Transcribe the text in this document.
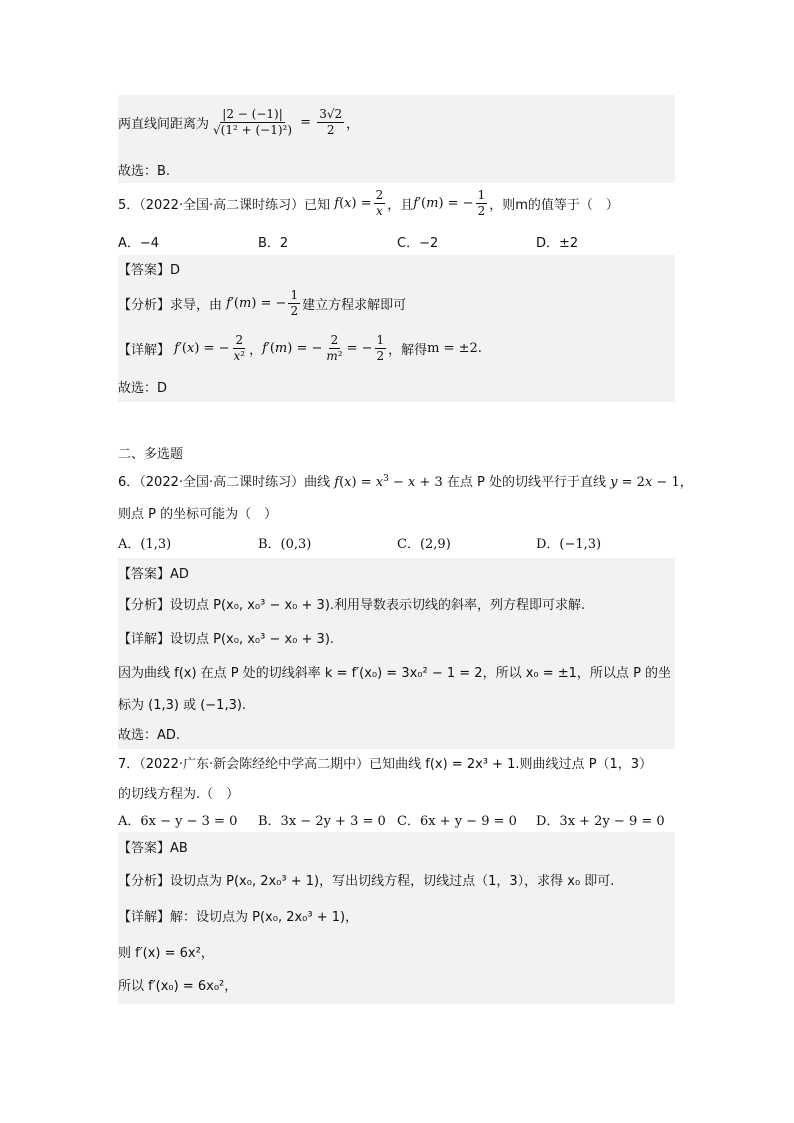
两直线间距离为 $\frac{|2 - (-1)|}{\text{√(1² + (−1)²)}} = \frac{3√2}{2}$ ，
故选：B.
5．（2022·全国·高二课时练习）已知 f ( x ) = $\frac{2}{x}$ ，且 f ′( m ) = − $\frac{1}{2}$ ，则m的值等于（　）
A．−4	B．2	C．−2	D．±2
【答案】D
【分析】求导，由 f ′( m ) = − $\frac{1}{2}$ 建立方程求解即可
【详解】 f ′( x ) = − $\frac{2}{\text{x²}}$ ， f ′( m ) = − $\frac{2}{\text{m²}}$ = − $\frac{1}{2}$ ，解得 m = ±2.
故选：D
二、多选题
6．（2022·全国·高二课时练习）曲线 $f(x) = x^3 - x + 3$ 在点 P 处的切线平行于直线 y = 2x − 1，
则点 P 的坐标可能为（　）
A．(1,3)	B．(0,3)	C．(2,9)	D．(−1,3)
【答案】AD
【分析】设切点 P(x₀, x₀³ − x₀ + 3).利用导数表示切线的斜率，列方程即可求解.
【详解】设切点 P(x₀, x₀³ − x₀ + 3).
因为曲线 f(x) 在点 P 处的切线斜率 k = f′(x₀) = 3x₀² − 1 = 2，所以 x₀ = ±1，所以点 P 的坐
标为 (1,3) 或 (−1,3).
故选：AD.
7．（2022·广东·新会陈经纶中学高二期中）已知曲线 f(x) = 2x³ + 1.则曲线过点 P（1，3）
的切线方程为.（　）
A．6x − y − 3 = 0 B．3x − 2y + 3 = 0 C．6x + y − 9 = 0 D．3x + 2y − 9 = 0
【答案】AB
【分析】设切点为 P(x₀, 2x₀³ + 1)，写出切线方程，切线过点（1，3），求得 x₀ 即可.
【详解】解：设切点为 P(x₀, 2x₀³ + 1)，
则 f′(x) = 6x²，
所以 f′(x₀) = 6x₀²，
